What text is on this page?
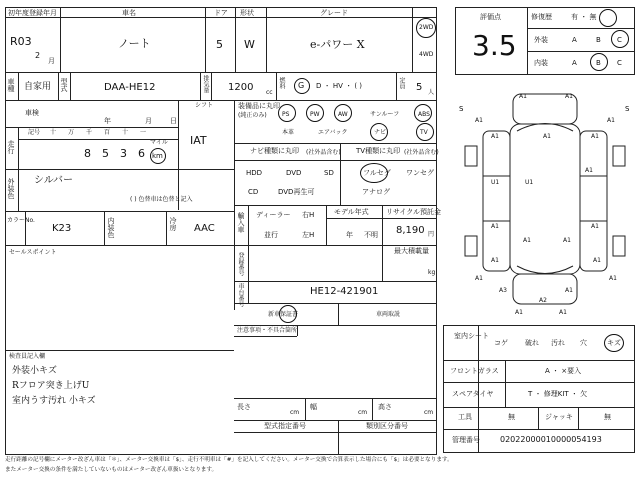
初年度登録年月	車名	ドア 形状	グレード
R03
2
月
ノート	5 W	e-パワー X
2WD
4WD
車種 自家用 型式	DAA-HE12	排気量 1200 cc
燃料 G D ・ HV ・ ( )	定員 5 人
車検
年	月	日
シフト
IAT
走行
記号 十 万 千 百 十 一
8 5 3 6
マイル
km
外装色 シルバー
( ) 色替車は色替と記入
カラーNo.
K23	内装色	冷房 AAC
セールスポイント
検査員記入欄
外装小キズ
Rフロア突き上げU
室内うす汚れ 小キズ
装備品に丸印
(純正のみ)	PS	PW	AW	サンルーフ	ABS
本革	エアバック	ナビ	TV
ナビ種類に丸印 (社外品含む) TV種類に丸印 (社外品含む)
HDD	DVD	SD
CD	DVD再生可
フルセグ ワンセグ
アナログ
輸入車 ディーラー
並行
右H
左H
モデル年式
年 不明
リサイクル預託金
8,190 円
登録番号
最大積載量
kg
車台番号	HE12-421901
新車保証書	車両取説
注意事項・不具合箇所
長さ
cm
幅
cm
高さ
cm
型式指定番号	類別区分番号
評価点
3.5
修復歴	有 ・ 無
外装	A	B C
内装	A	B C
A1	A1
A1	A1
A1	A1
A1
U1	U1
A1
A1	A1
A1	A1
A1	A1
A3	A1
A2
A1	A1
A1	A1
S	S
室内シート
コゲ 破れ 汚れ 穴	キズ
フロントガラス	A ・ ×要入
スペアタイヤ	T ・ 修理KIT ・ 欠
工具	無	ジャッキ	無
管理番号	02022000010000054193
走行距離の記号欄にメーター改ざん車は「＊」、メーター交換車は「$」、走行不明車は「#」を記入してください。メーター交換で合算表示した場合にも「$」は必要となります。
またメーター交換の条件を満たしていないものはメーター改ざん車扱いとなります。
